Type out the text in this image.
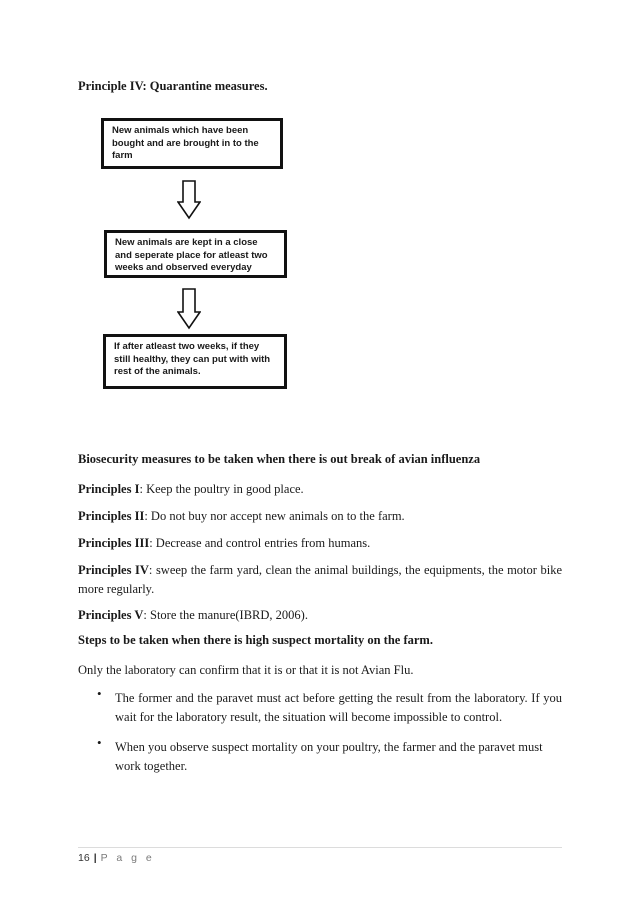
Principle IV: Quarantine measures.
New animals which have been bought and are brought in to the farm
New animals are kept in a close and seperate place for atleast two weeks and observed everyday
If after atleast two weeks, if they still healthy, they can put with with rest of the animals.
Biosecurity measures to be taken when there is out break of avian influenza
Principles I: Keep the poultry in good place.
Principles II: Do not buy nor accept new animals on to the farm.
Principles III: Decrease and control entries from humans.
Principles IV: sweep the farm yard, clean the animal buildings, the equipments, the motor bike more regularly.
Principles V: Store the manure(IBRD, 2006).
Steps to be taken when there is high suspect mortality on the farm.
Only the laboratory can confirm that it is or that it is not Avian Flu.
• The former and the paravet must act before getting the result from the laboratory. If you wait for the laboratory result, the situation will become impossible to control.
• When you observe suspect mortality on your poultry, the farmer and the paravet must work together.
16 | P a g e
